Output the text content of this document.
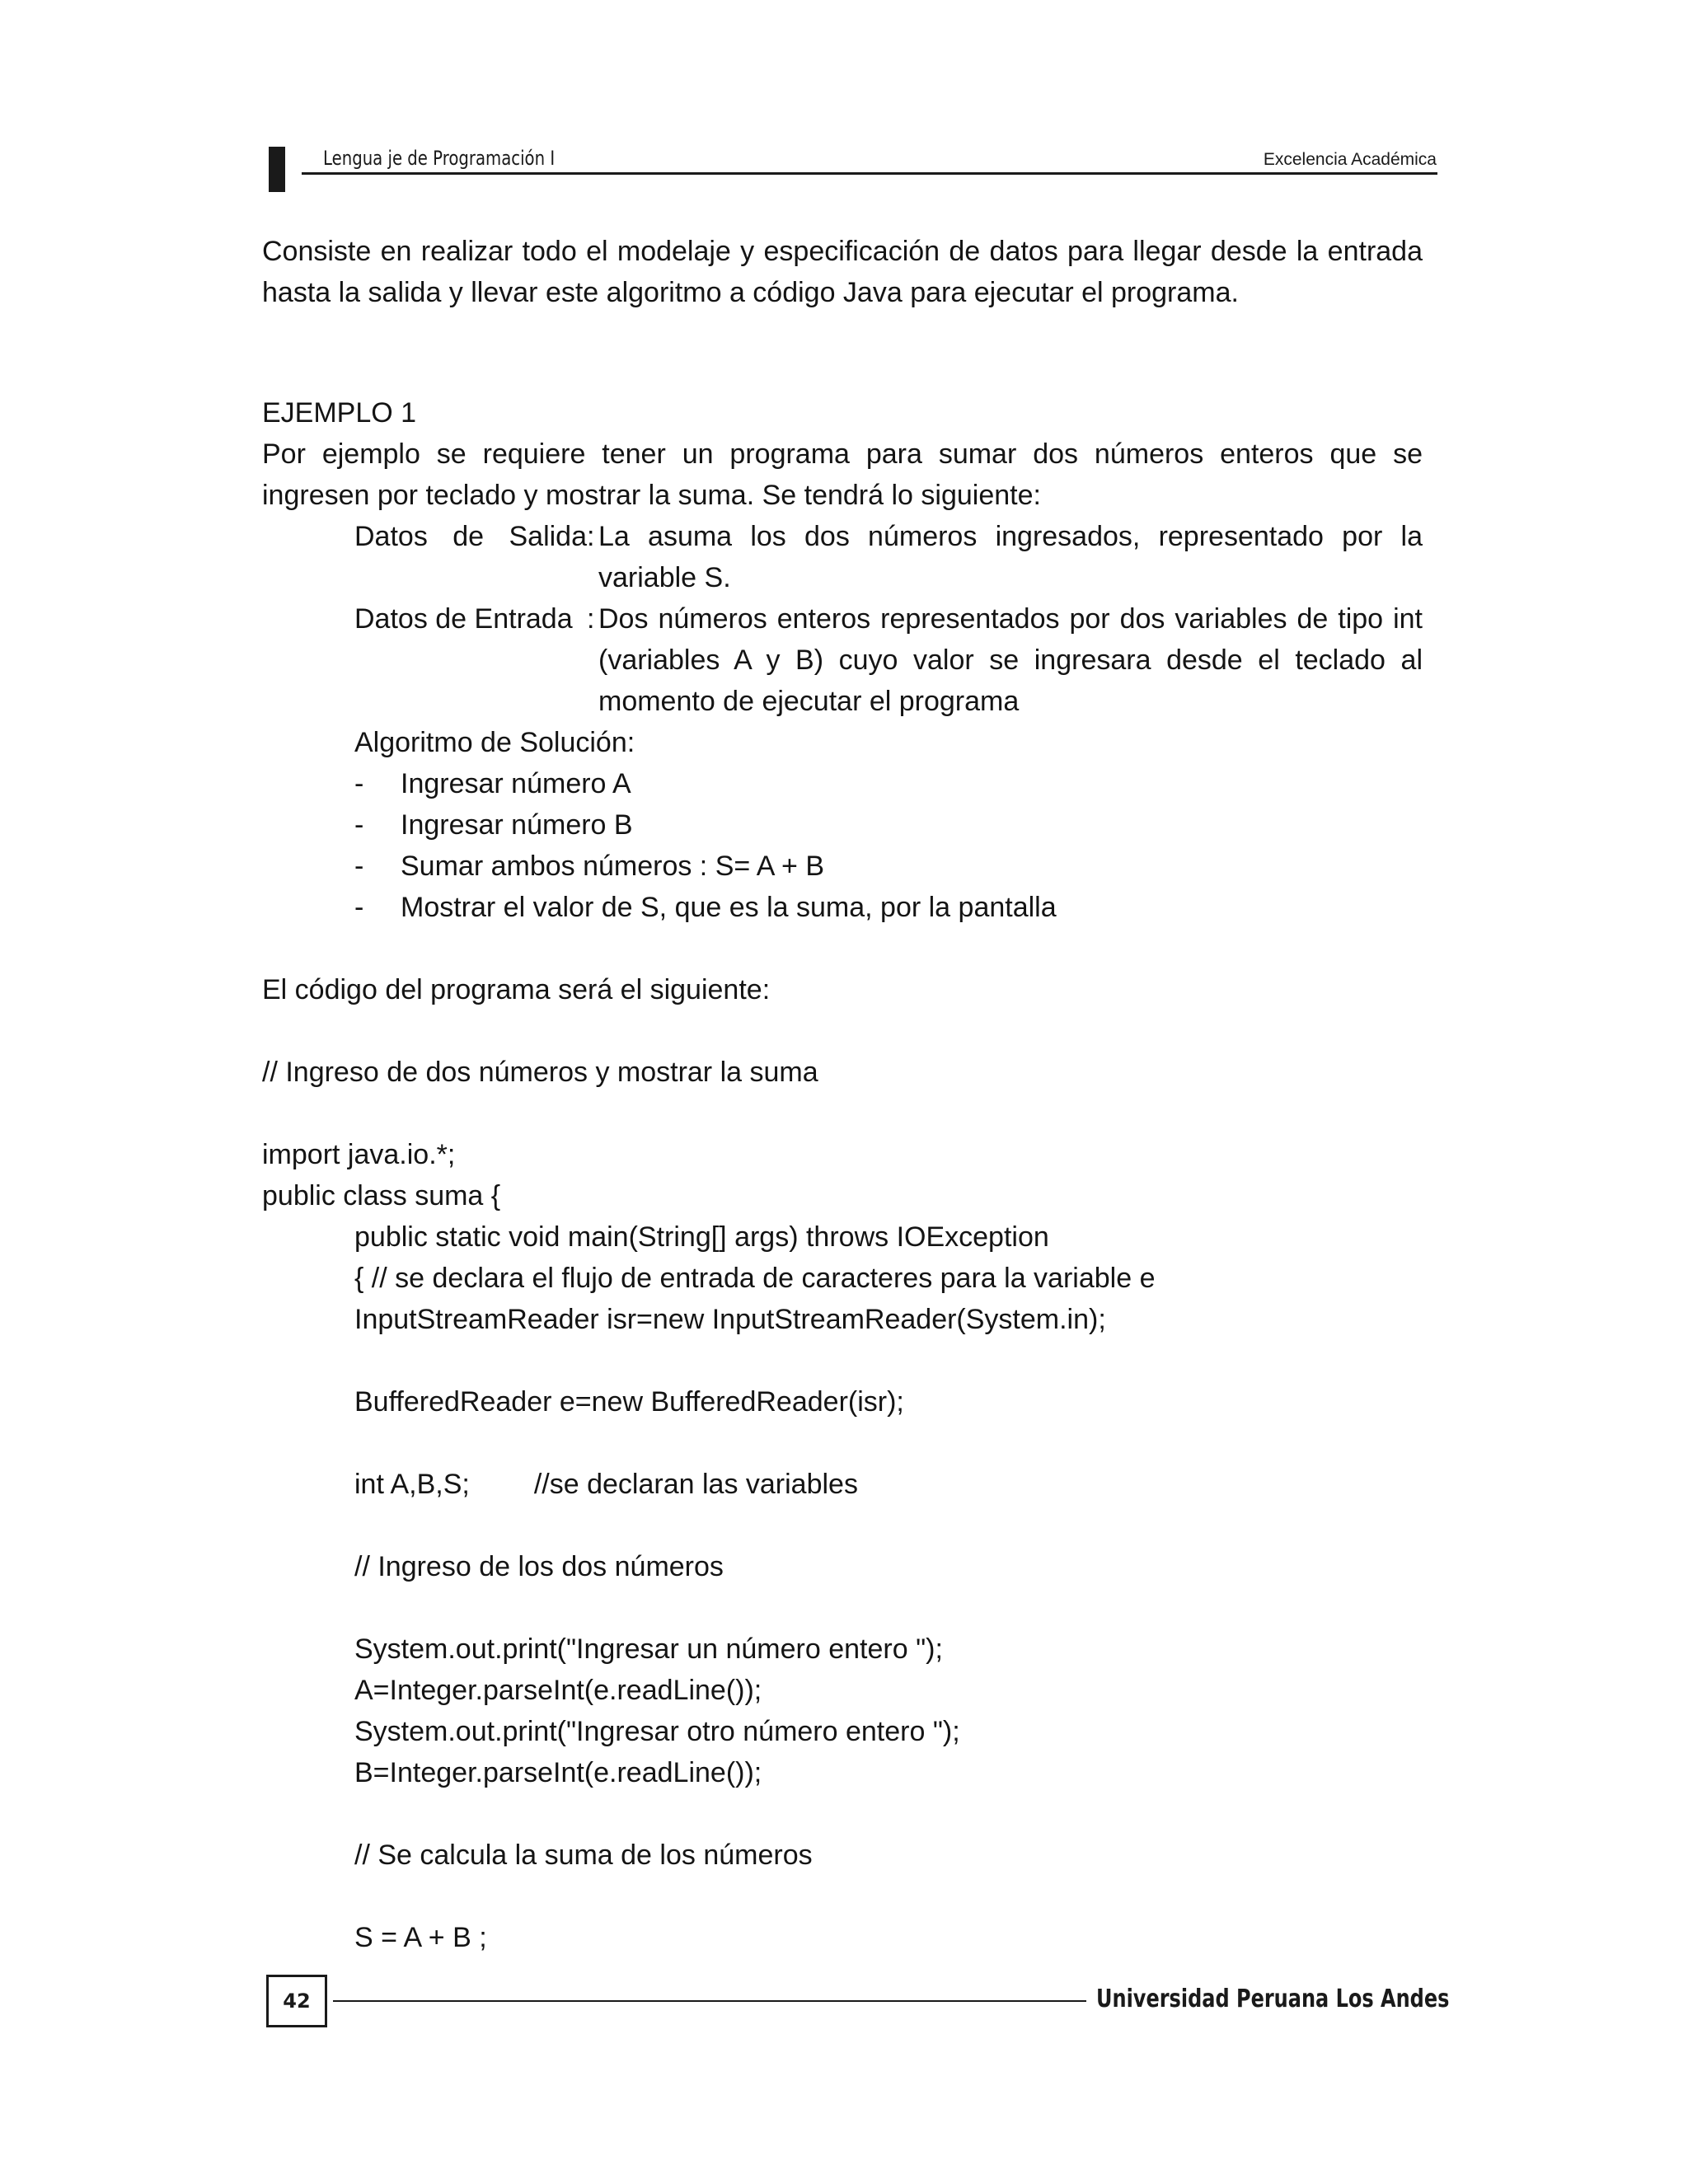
Lengua je de Programación I	Excelencia Académica
Consiste en realizar todo el modelaje y especificación de datos para llegar desde la entrada
hasta la salida y llevar este algoritmo a código Java para ejecutar el programa.
EJEMPLO 1
Por ejemplo se requiere tener un programa para sumar dos números enteros que se
ingresen por teclado y mostrar la suma. Se tendrá lo siguiente:
Datos de Salida : La asuma los dos números ingresados, representado por la
variable S.
Datos de Entrada : Dos números enteros representados por dos variables de tipo int
(variables A y B) cuyo valor se ingresara desde el teclado al
momento de ejecutar el programa
Algoritmo de Solución:
-	Ingresar número A
-	Ingresar número B
-	Sumar ambos números : S= A + B
-	Mostrar el valor de S, que es la suma, por la pantalla
El código del programa será el siguiente:
// Ingreso de dos números y mostrar la suma
import java.io.*;
public class suma {
public static void main(String[] args) throws IOException
{ // se declara el flujo de entrada de caracteres para la variable e
InputStreamReader isr=new InputStreamReader(System.in);
BufferedReader e=new BufferedReader(isr);
int A,B,S; //se declaran las variables
// Ingreso de los dos números
System.out.print("Ingresar un número entero ");
A=Integer.parseInt(e.readLine());
System.out.print("Ingresar otro número entero ");
B=Integer.parseInt(e.readLine());
// Se calcula la suma de los números
S = A + B ;
42	Universidad Peruana Los Andes
